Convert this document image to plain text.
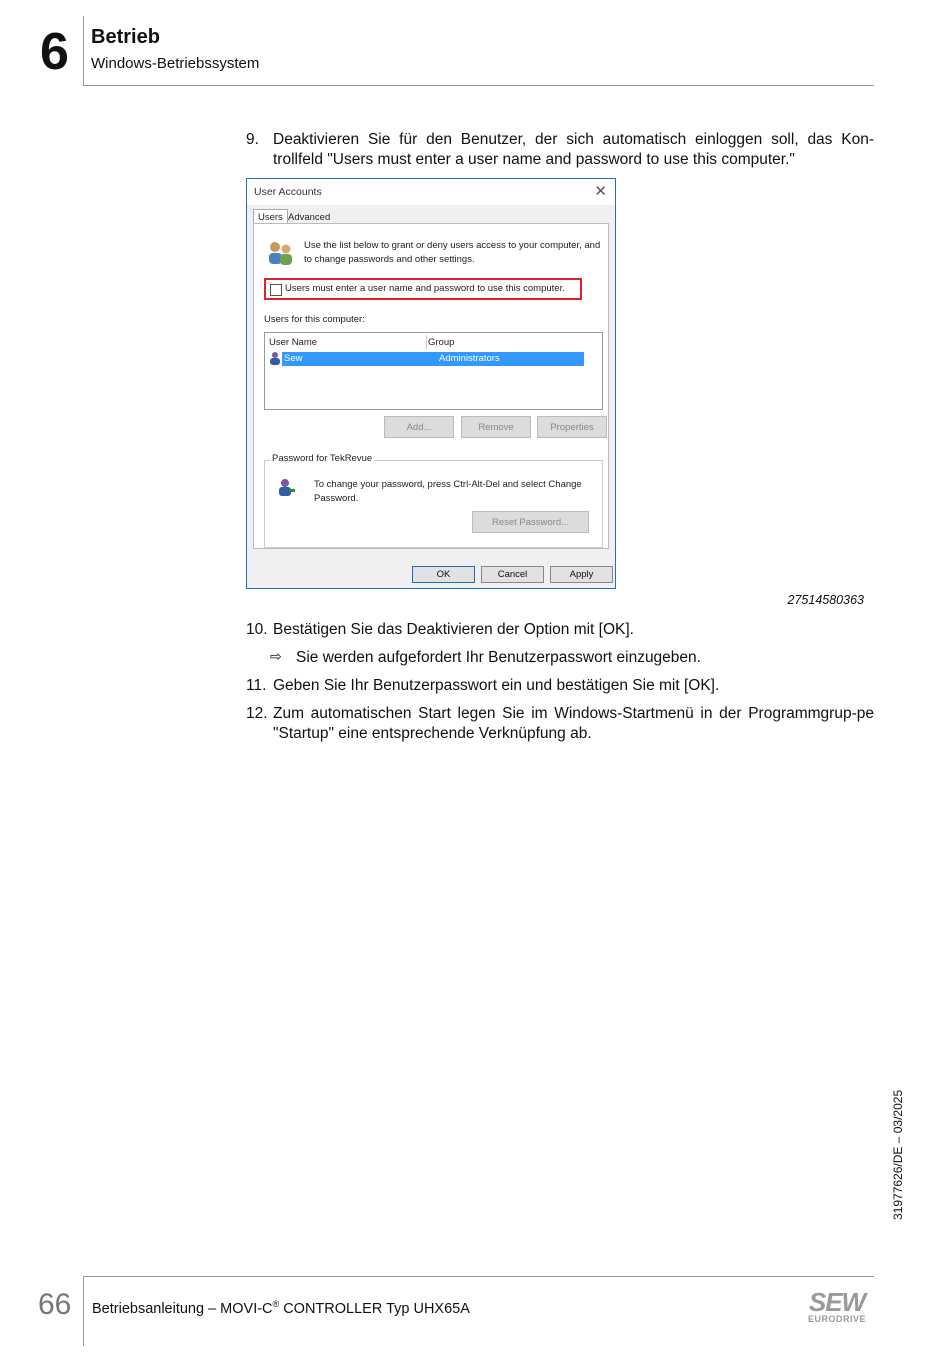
6 Betrieb
Windows-Betriebssystem
9. Deaktivieren Sie für den Benutzer, der sich automatisch einloggen soll, das Kon-trollfeld "Users must enter a user name and password to use this computer."
User Accounts	✕
Users Advanced
Use the list below to grant or deny users access to your computer, and to change passwords and other settings.
Users must enter a user name and password to use this computer.
Users for this computer:
User Name	Group
Sew	Administrators
Add...	Remove	Properties
Password for TekRevue
To change your password, press Ctrl-Alt-Del and select Change Password.
Reset Password...
OK	Cancel	Apply
27514580363
10. Bestätigen Sie das Deaktivieren der Option mit [OK].
⇨ Sie werden aufgefordert Ihr Benutzerpasswort einzugeben.
11. Geben Sie Ihr Benutzerpasswort ein und bestätigen Sie mit [OK].
12. Zum automatischen Start legen Sie im Windows-Startmenü in der Programmgrup-pe "Startup" eine entsprechende Verknüpfung ab.
31977626/DE – 03/2025
66 Betriebsanleitung – MOVI-C® CONTROLLER Typ UHX65A	SEW
EURODRIVE
